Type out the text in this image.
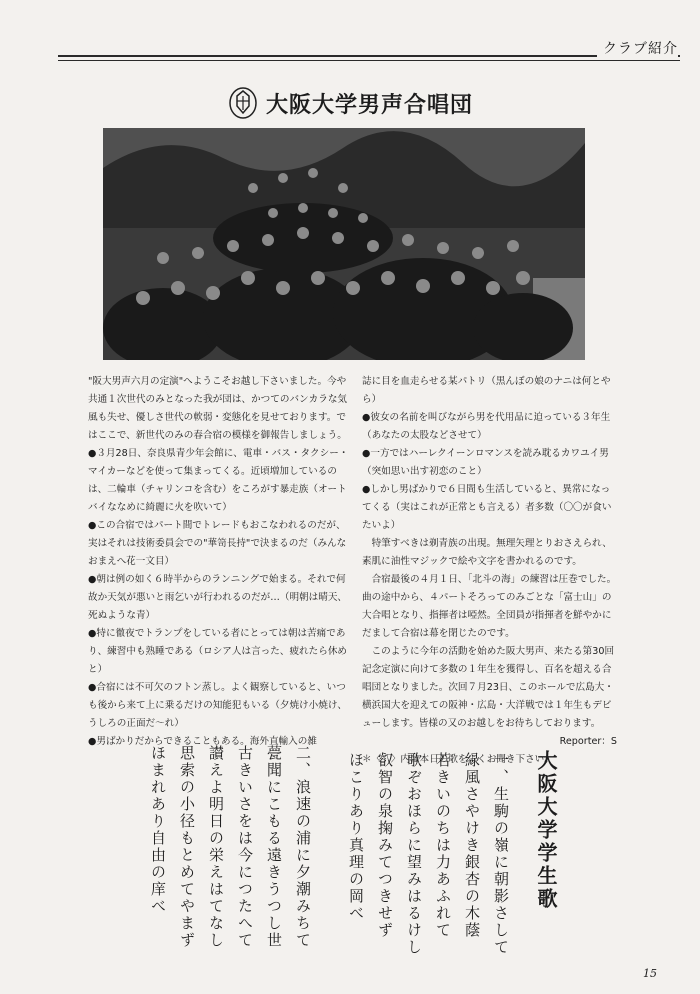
クラブ紹介
大阪大学男声合唱団

"阪大男声六月の定演"へようこそお越し下さいました。今や共通１次世代のみとなった我が団は、かつてのバンカラな気風も失せ、優しさ世代の軟弱・変態化を見せております。ではここで、新世代のみの春合宿の模様を御報告しましょう。

●３月28日、奈良県青少年会館に、電車・バス・タクシー・マイカーなどを使って集まってくる。近頃増加しているのは、二輪車（チャリンコを含む）をころがす暴走族（オートバイななめに綺麗に火を吹いて）

●この合宿ではパート間でトレードもおこなわれるのだが、実はそれは技術委員会での"華笥長持"で決まるのだ（みんなおまえへ花一文目）

●朝は例の如く６時半からのランニングで始まる。それで何故か天気が悪いと雨乞いが行われるのだが…（明朝は晴天、死ぬような青）

●特に徹夜でトランプをしている者にとっては朝は苦痛であり、練習中も熟睡である（ロシア人は言った、疲れたら休めと）

●合宿には不可欠のフトン蒸し。よく観察していると、いつも後から来て上に乗るだけの知能犯もいる（夕焼け小焼け、うしろの正面だ～れ）

●男ばかりだからできることもある。海外直輸入の雑

誌に目を血走らせる某パトリ（黒んぼの娘のナニは何とやら）

●彼女の名前を叫びながら男を代用品に迫っている３年生（あなたの太股などさせて）

●一方ではハーレクイーンロマンスを読み耽るカワユイ男（突如思い出す初恋のこと）

●しかし男ばかりで６日間も生活していると、異常になってくる（実はこれが正常とも言える）者多数（〇〇が食いたいよ）

　特筆すべきは剃青族の出現。無理矢理とりおさえられ、素肌に油性マジックで絵や文字を書かれるのです。

　合宿最後の４月１日、「北斗の海」の練習は圧巻でした。曲の途中から、４パートそろってのみごとな「富士山」の大合唱となり、指揮者は啞然。全団員が指揮者を鮮やかにだまして合宿は幕を閉じたのです。

　このように今年の活動を始めた阪大男声、来たる第30回記念定演に向けて多数の１年生を獲得し、百名を超える合唱団となりました。次回７月23日、このホールで広島大・横浜国大を迎えての阪神・広島・大洋戦では１年生もデビューします。皆様の又のお越しをお待ちしております。

Reporter：S

＊〈　〉内は本日の歌をよくお聞き下さい。

大阪大学学生歌
一、生駒の嶺に朝影さして
緑風さやけき銀杏の木蔭
若きいのちは力あふれて
歌ぞおほらに望みはるけし
叡智の泉掬みてつきせず
ほこりあり真理の岡べ
二、浪速の浦に夕潮みちて
甍聞にこもる遠きうつし世
古きいさをは今につたへて
讃えよ明日の栄えはてなし
思索の小径もとめてやまず
ほまれあり自由の庠べ
15
